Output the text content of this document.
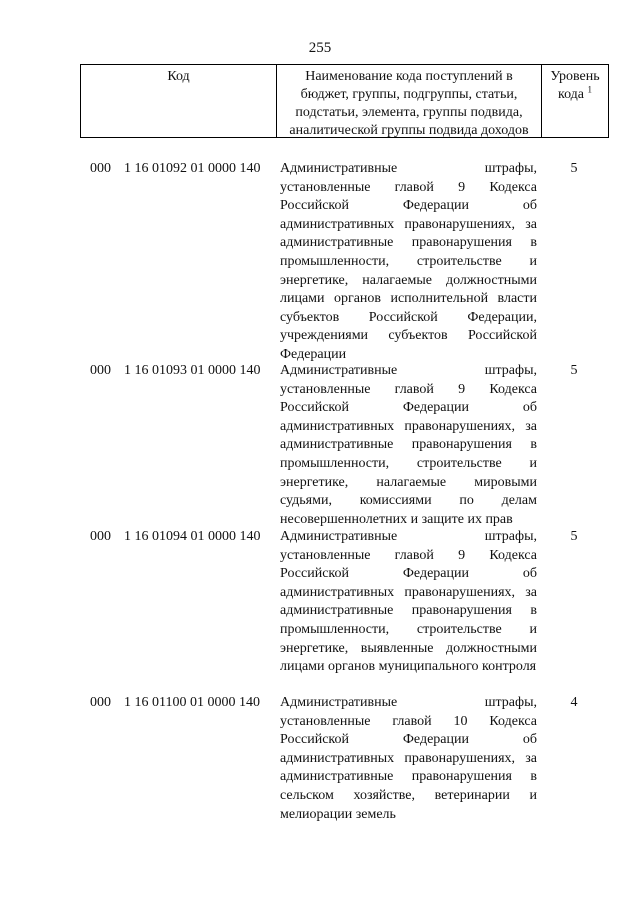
255
Код	Наименование кода поступлений в бюджет, группы, подгруппы, статьи, подстатьи, элемента, группы подвида, аналитической группы подвида доходов
Уровень кода $^1$
000 1 16 01092 01 0000 140 Административные штрафы, установленные главой 9 Кодекса Российской Федерации об административных правонарушениях, за административные правонарушения в промышленности, строительстве и энергетике, налагаемые должностными лицами органов исполнительной власти субъектов Российской Федерации, учреждениями субъектов Российской Федерации
5
000 1 16 01093 01 0000 140 Административные штрафы, установленные главой 9 Кодекса Российской Федерации об административных правонарушениях, за административные правонарушения в промышленности, строительстве и энергетике, налагаемые мировыми судьями, комиссиями по делам несовершеннолетних и защите их прав
5
000 1 16 01094 01 0000 140 Административные штрафы, установленные главой 9 Кодекса Российской Федерации об административных правонарушениях, за административные правонарушения в промышленности, строительстве и энергетике, выявленные должностными лицами органов муниципального контроля
5
000 1 16 01100 01 0000 140 Административные штрафы, установленные главой 10 Кодекса Российской Федерации об административных правонарушениях, за административные правонарушения в сельском хозяйстве, ветеринарии и мелиорации земель
4
